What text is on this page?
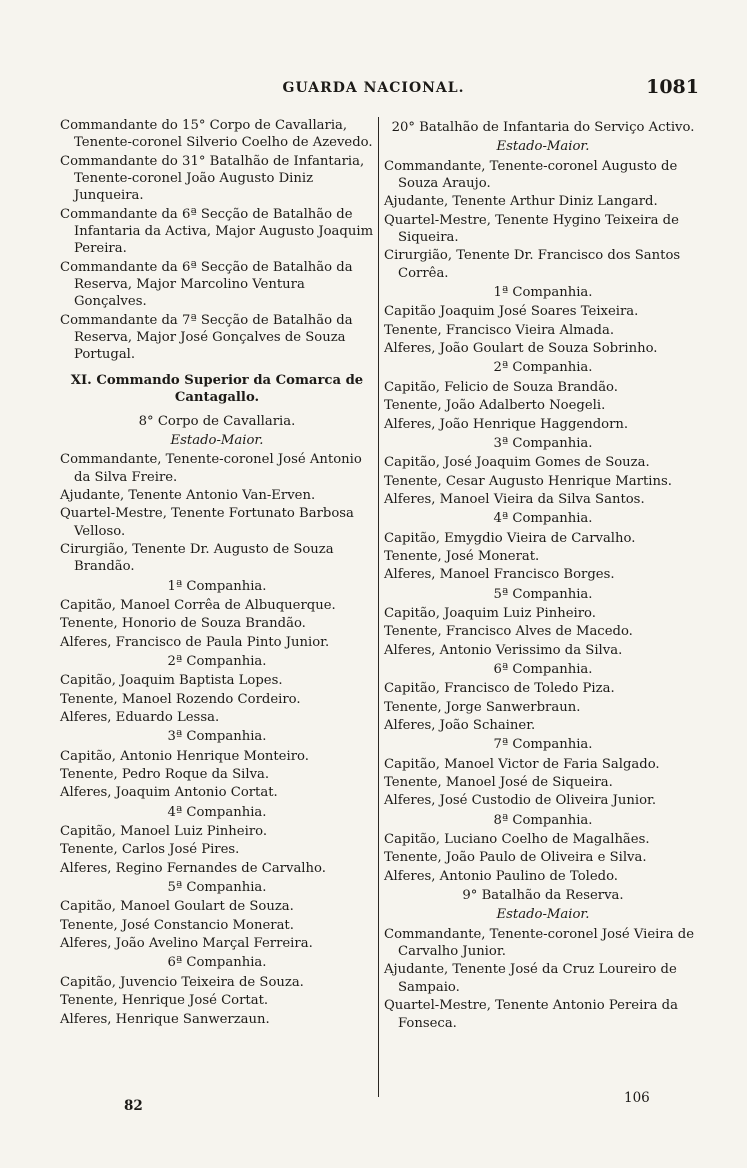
GUARDA NACIONAL.	1081
Commandante do 15° Corpo de Cavallaria, Tenente-coronel Silverio Coelho de Azevedo.
Commandante do 31° Batalhão de Infantaria, Tenente-coronel João Augusto Diniz Junqueira.
Commandante da 6ª Secção de Batalhão de Infantaria da Activa, Major Augusto Joaquim Pereira.
Commandante da 6ª Secção de Batalhão da Reserva, Major Marcolino Ventura Gonçalves.
Commandante da 7ª Secção de Batalhão da Reserva, Major José Gonçalves de Souza Portugal.
XI. Commando Superior da Comarca de Cantagallo.
8° Corpo de Cavallaria.
Estado-Maior.
Commandante, Tenente-coronel José Antonio da Silva Freire.
Ajudante, Tenente Antonio Van-Erven.
Quartel-Mestre, Tenente Fortunato Barbosa Velloso.
Cirurgião, Tenente Dr. Augusto de Souza Brandão.
1ª Companhia.
Capitão, Manoel Corrêa de Albuquerque.
Tenente, Honorio de Souza Brandão.
Alferes, Francisco de Paula Pinto Junior.
2ª Companhia.
Capitão, Joaquim Baptista Lopes.
Tenente, Manoel Rozendo Cordeiro.
Alferes, Eduardo Lessa.
3ª Companhia.
Capitão, Antonio Henrique Monteiro.
Tenente, Pedro Roque da Silva.
Alferes, Joaquim Antonio Cortat.
4ª Companhia.
Capitão, Manoel Luiz Pinheiro.
Tenente, Carlos José Pires.
Alferes, Regino Fernandes de Carvalho.
5ª Companhia.
Capitão, Manoel Goulart de Souza.
Tenente, José Constancio Monerat.
Alferes, João Avelino Marçal Ferreira.
6ª Companhia.
Capitão, Juvencio Teixeira de Souza.
Tenente, Henrique José Cortat.
Alferes, Henrique Sanwerzaun.
20° Batalhão de Infantaria do Serviço Activo.
Estado-Maior.
Commandante, Tenente-coronel Augusto de Souza Araujo.
Ajudante, Tenente Arthur Diniz Langard.
Quartel-Mestre, Tenente Hygino Teixeira de Siqueira.
Cirurgião, Tenente Dr. Francisco dos Santos Corrêa.
1ª Companhia.
Capitão Joaquim José Soares Teixeira.
Tenente, Francisco Vieira Almada.
Alferes, João Goulart de Souza Sobrinho.
2ª Companhia.
Capitão, Felicio de Souza Brandão.
Tenente, João Adalberto Noegeli.
Alferes, João Henrique Haggendorn.
3ª Companhia.
Capitão, José Joaquim Gomes de Souza.
Tenente, Cesar Augusto Henrique Martins.
Alferes, Manoel Vieira da Silva Santos.
4ª Companhia.
Capitão, Emygdio Vieira de Carvalho.
Tenente, José Monerat.
Alferes, Manoel Francisco Borges.
5ª Companhia.
Capitão, Joaquim Luiz Pinheiro.
Tenente, Francisco Alves de Macedo.
Alferes, Antonio Verissimo da Silva.
6ª Companhia.
Capitão, Francisco de Toledo Piza.
Tenente, Jorge Sanwerbraun.
Alferes, João Schainer.
7ª Companhia.
Capitão, Manoel Victor de Faria Salgado.
Tenente, Manoel José de Siqueira.
Alferes, José Custodio de Oliveira Junior.
8ª Companhia.
Capitão, Luciano Coelho de Magalhães.
Tenente, João Paulo de Oliveira e Silva.
Alferes, Antonio Paulino de Toledo.
9° Batalhão da Reserva.
Estado-Maior.
Commandante, Tenente-coronel José Vieira de Carvalho Junior.
Ajudante, Tenente José da Cruz Loureiro de Sampaio.
Quartel-Mestre, Tenente Antonio Pereira da Fonseca.
82	106
